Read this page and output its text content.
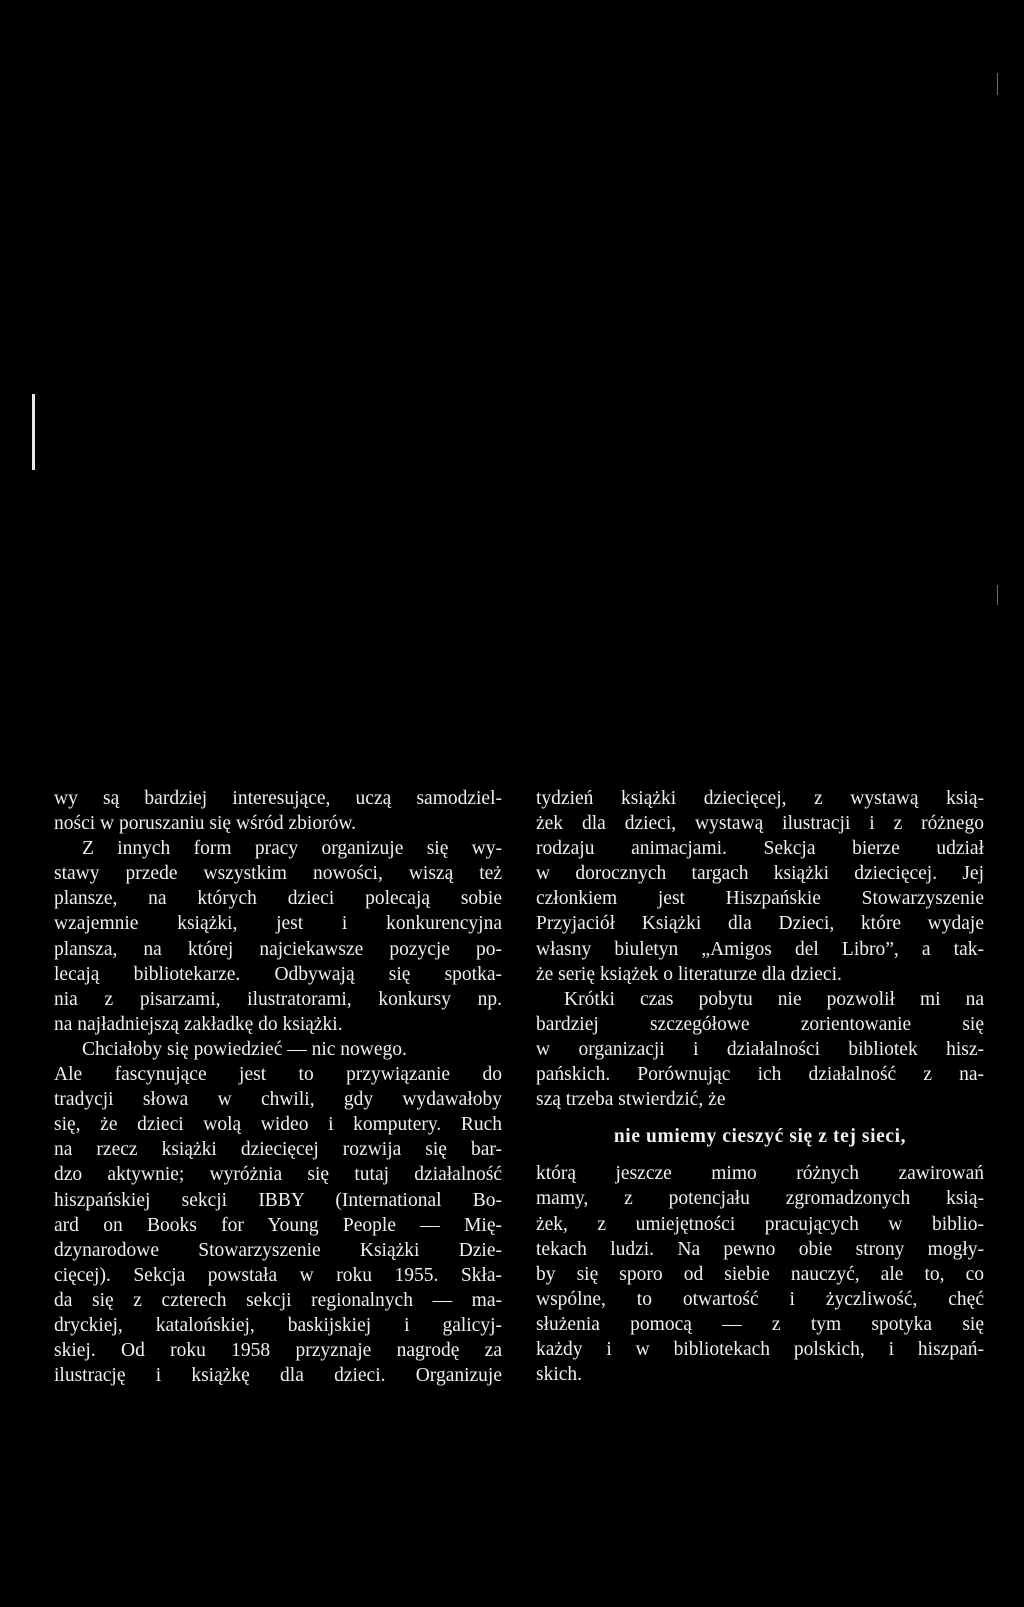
wy są bardziej interesujące, uczą samodziel-
ności w poruszaniu się wśród zbiorów.
Z innych form pracy organizuje się wy-
stawy przede wszystkim nowości, wiszą też
plansze, na których dzieci polecają sobie
wzajemnie książki, jest i konkurencyjna
plansza, na której najciekawsze pozycje po-
lecają bibliotekarze. Odbywają się spotka-
nia z pisarzami, ilustratorami, konkursy np.
na najładniejszą zakładkę do książki.
Chciałoby się powiedzieć — nic nowego.
Ale fascynujące jest to przywiązanie do
tradycji słowa w chwili, gdy wydawałoby
się, że dzieci wolą wideo i komputery. Ruch
na rzecz książki dziecięcej rozwija się bar-
dzo aktywnie; wyróżnia się tutaj działalność
hiszpańskiej sekcji IBBY (International Bo-
ard on Books for Young People — Mię-
dzynarodowe Stowarzyszenie Książki Dzie-
cięcej). Sekcja powstała w roku 1955. Skła-
da się z czterech sekcji regionalnych — ma-
dryckiej, katalońskiej, baskijskiej i galicyj-
skiej. Od roku 1958 przyznaje nagrodę za
ilustrację i książkę dla dzieci. Organizuje
tydzień książki dziecięcej, z wystawą ksią-
żek dla dzieci, wystawą ilustracji i z różnego
rodzaju animacjami. Sekcja bierze udział
w dorocznych targach książki dziecięcej. Jej
członkiem jest Hiszpańskie Stowarzyszenie
Przyjaciół Książki dla Dzieci, które wydaje
własny biuletyn „Amigos del Libro”, a tak-
że serię książek o literaturze dla dzieci.
Krótki czas pobytu nie pozwolił mi na
bardziej szczegółowe zorientowanie się
w organizacji i działalności bibliotek hisz-
pańskich. Porównując ich działalność z na-
szą trzeba stwierdzić, że
nie umiemy cieszyć się z tej sieci,
którą jeszcze mimo różnych zawirowań
mamy, z potencjału zgromadzonych ksią-
żek, z umiejętności pracujących w biblio-
tekach ludzi. Na pewno obie strony mogły-
by się sporo od siebie nauczyć, ale to, co
wspólne, to otwartość i życzliwość, chęć
służenia pomocą — z tym spotyka się
każdy i w bibliotekach polskich, i hiszpań-
skich.
